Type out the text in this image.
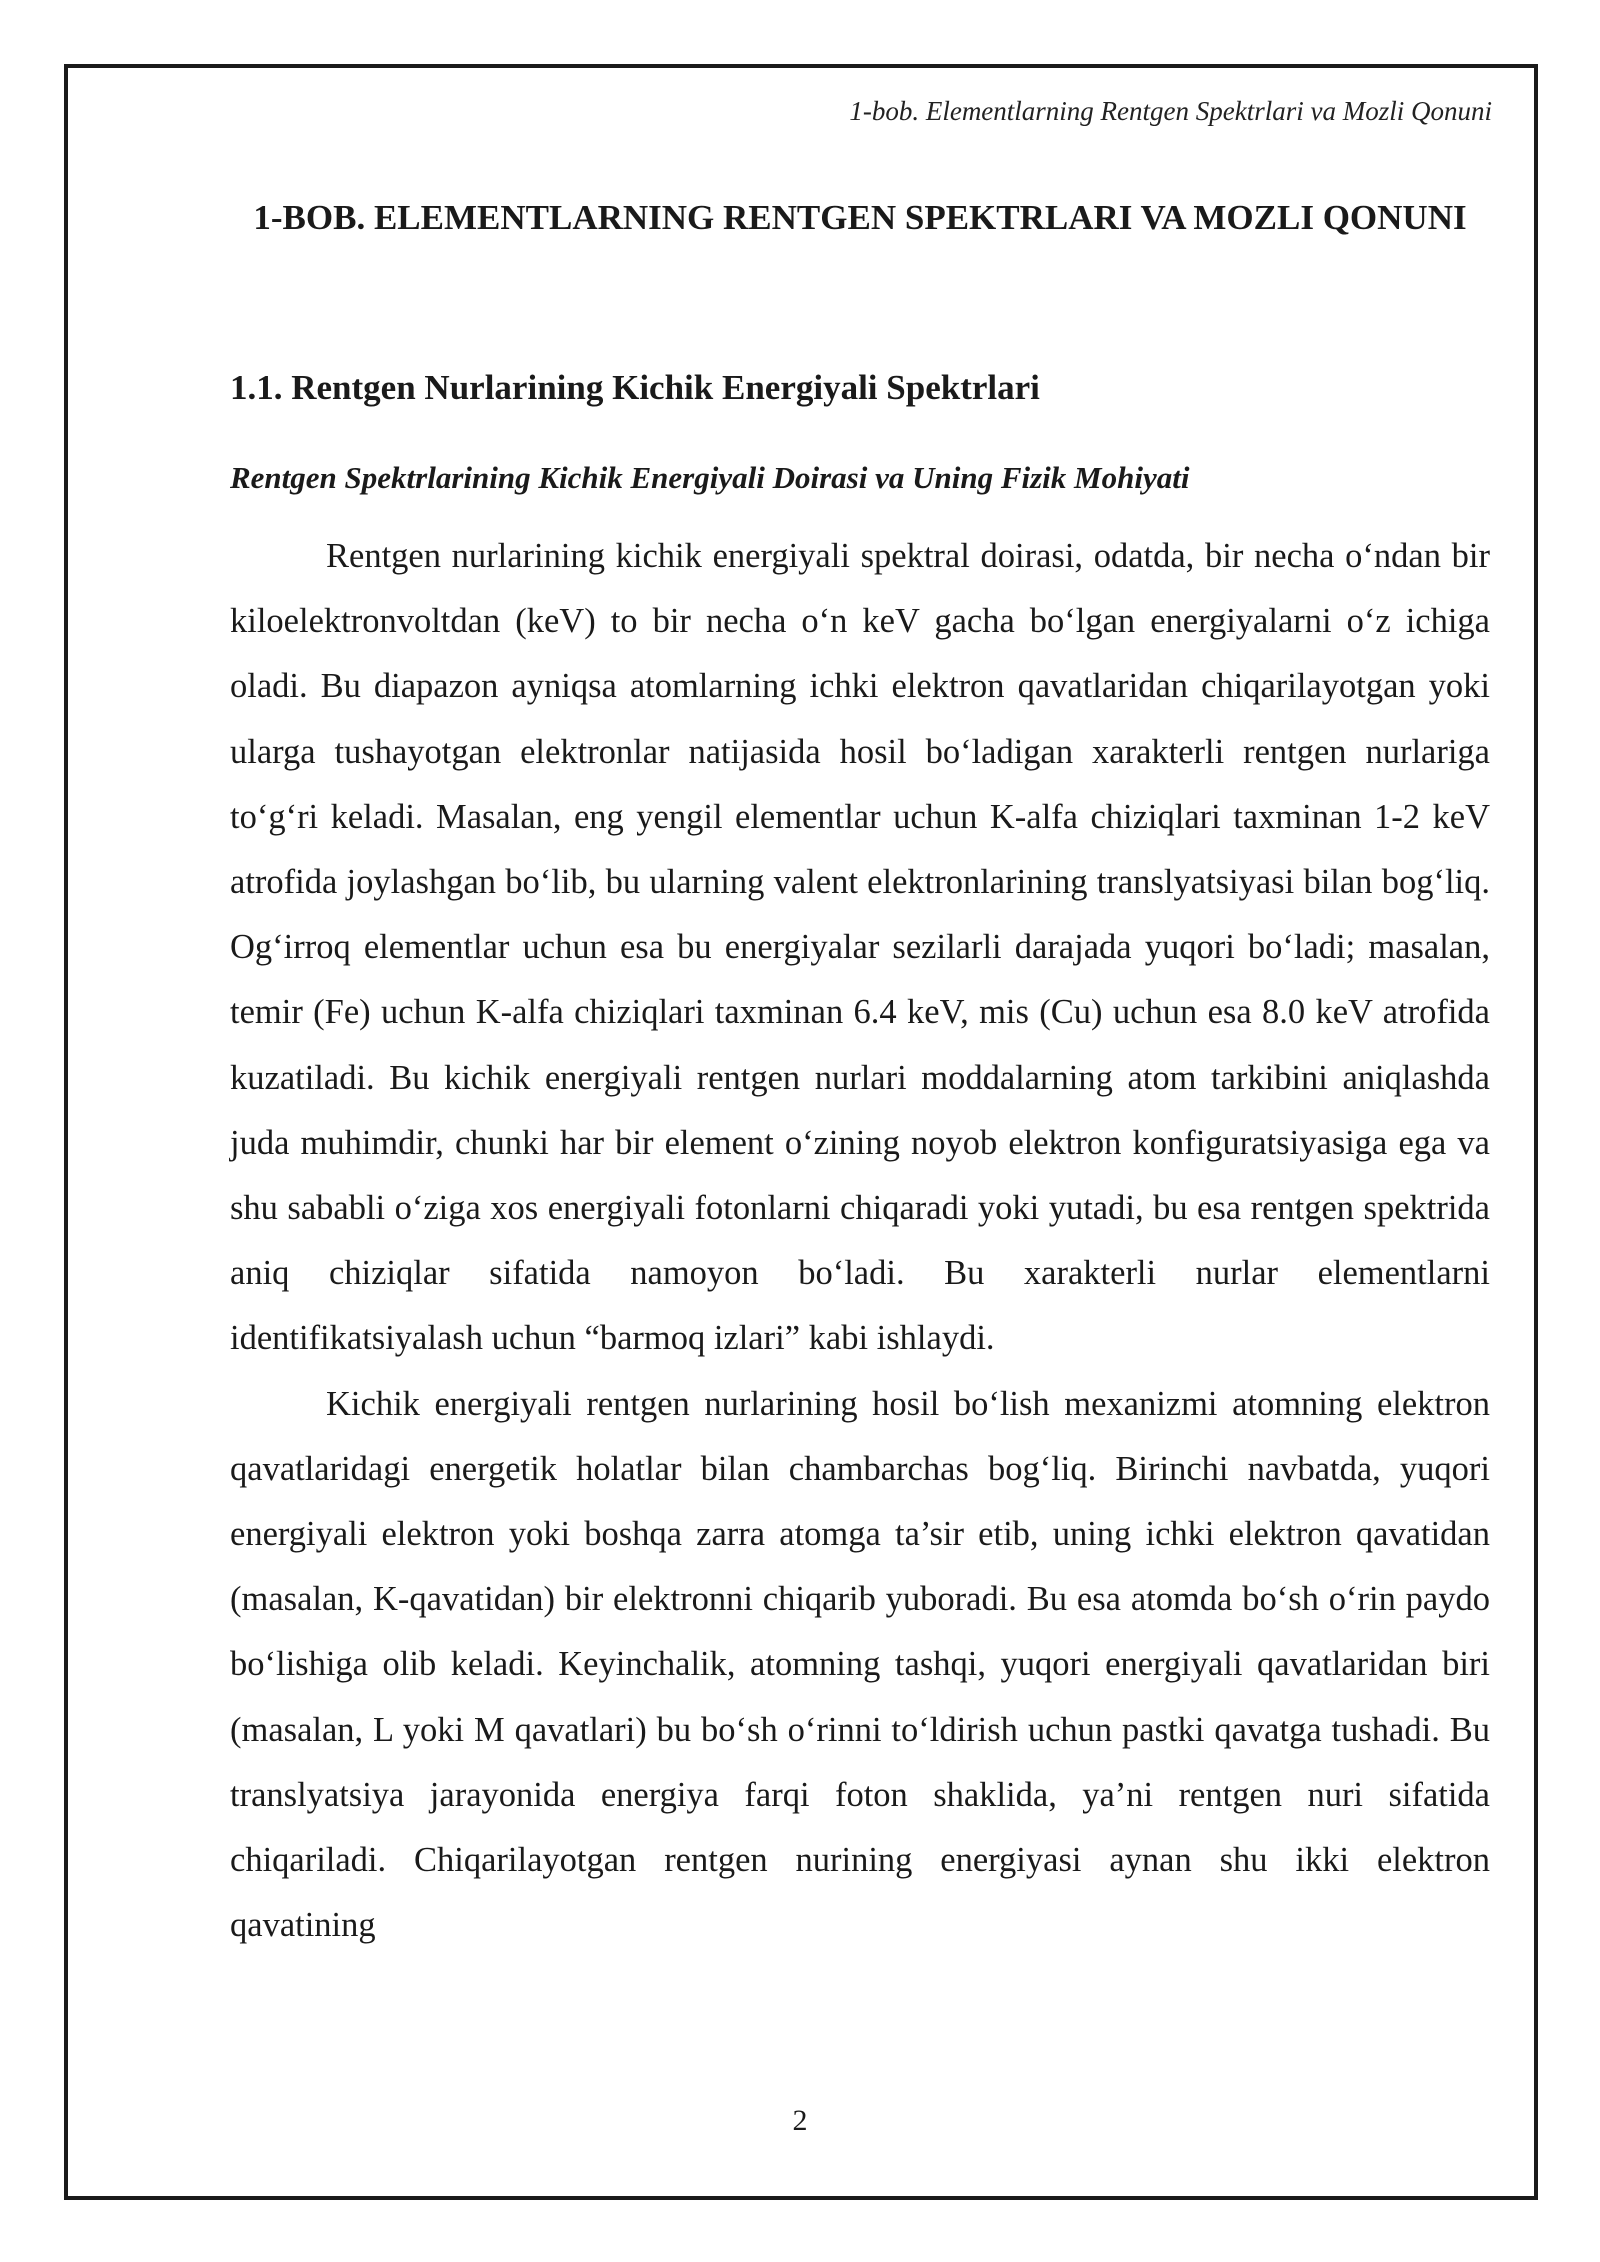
1-bob. Elementlarning Rentgen Spektrlari va Mozli Qonuni
1-BOB. ELEMENTLARNING RENTGEN SPEKTRLARI VA MOZLI QONUNI
1.1. Rentgen Nurlarining Kichik Energiyali Spektrlari
Rentgen Spektrlarining Kichik Energiyali Doirasi va Uning Fizik Mohiyati

Rentgen nurlarining kichik energiyali spektral doirasi, odatda, bir necha o‘ndan bir kiloelektronvoltdan (keV) to bir necha o‘n keV gacha bo‘lgan energiyalarni o‘z ichiga oladi. Bu diapazon ayniqsa atomlarning ichki elektron qavatlaridan chiqarilayotgan yoki ularga tushayotgan elektronlar natijasida hosil bo‘ladigan xarakterli rentgen nurlariga to‘g‘ri keladi. Masalan, eng yengil elementlar uchun K-alfa chiziqlari taxminan 1-2 keV atrofida joylashgan bo‘lib, bu ularning valent elektronlarining translyatsiyasi bilan bog‘liq. Og‘irroq elementlar uchun esa bu energiyalar sezilarli darajada yuqori bo‘ladi; masalan, temir (Fe) uchun K-alfa chiziqlari taxminan 6.4 keV, mis (Cu) uchun esa 8.0 keV atrofida kuzatiladi. Bu kichik energiyali rentgen nurlari moddalarning atom tarkibini aniqlashda juda muhimdir, chunki har bir element o‘zining noyob elektron konfiguratsiyasiga ega va shu sababli o‘ziga xos energiyali fotonlarni chiqaradi yoki yutadi, bu esa rentgen spektrida aniq chiziqlar sifatida namoyon bo‘ladi. Bu xarakterli nurlar elementlarni identifikatsiyalash uchun “barmoq izlari” kabi ishlaydi.

Kichik energiyali rentgen nurlarining hosil bo‘lish mexanizmi atomning elektron qavatlaridagi energetik holatlar bilan chambarchas bog‘liq. Birinchi navbatda, yuqori energiyali elektron yoki boshqa zarra atomga ta’sir etib, uning ichki elektron qavatidan (masalan, K-qavatidan) bir elektronni chiqarib yuboradi. Bu esa atomda bo‘sh o‘rin paydo bo‘lishiga olib keladi. Keyinchalik, atomning tashqi, yuqori energiyali qavatlaridan biri (masalan, L yoki M qavatlari) bu bo‘sh o‘rinni to‘ldirish uchun pastki qavatga tushadi. Bu translyatsiya jarayonida energiya farqi foton shaklida, ya’ni rentgen nuri sifatida chiqariladi. Chiqarilayotgan rentgen nurining energiyasi aynan shu ikki elektron qavatining

2
